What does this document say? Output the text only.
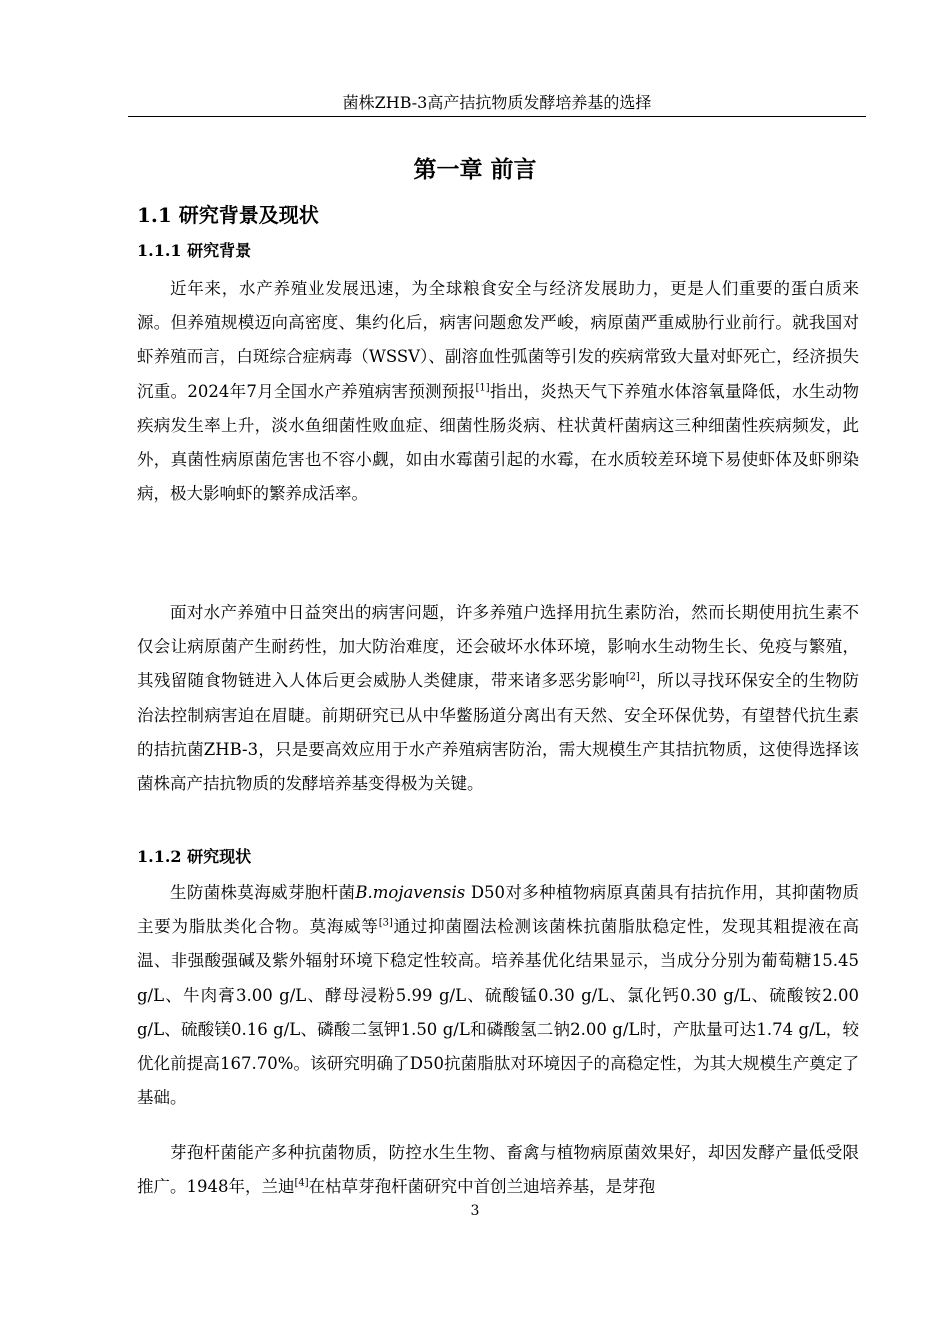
菌株ZHB-3高产拮抗物质发酵培养基的选择
第一章 前言
1.1 研究背景及现状
1.1.1 研究背景

近年来，水产养殖业发展迅速，为全球粮食安全与经济发展助力，更是人们重要的蛋白质来源。但养殖规模迈向高密度、集约化后，病害问题愈发严峻，病原菌严重威胁行业前行。就我国对虾养殖而言，白斑综合症病毒（WSSV）、副溶血性弧菌等引发的疾病常致大量对虾死亡，经济损失沉重。2024年7月全国水产养殖病害预测预报[1]指出，炎热天气下养殖水体溶氧量降低，水生动物疾病发生率上升，淡水鱼细菌性败血症、细菌性肠炎病、柱状黄杆菌病这三种细菌性疾病频发，此外，真菌性病原菌危害也不容小觑，如由水霉菌引起的水霉，在水质较差环境下易使虾体及虾卵染病，极大影响虾的繁养成活率。

面对水产养殖中日益突出的病害问题，许多养殖户选择用抗生素防治，然而长期使用抗生素不仅会让病原菌产生耐药性，加大防治难度，还会破坏水体环境，影响水生动物生长、免疫与繁殖，其残留随食物链进入人体后更会威胁人类健康，带来诸多恶劣影响[2]，所以寻找环保安全的生物防治法控制病害迫在眉睫。前期研究已从中华鳖肠道分离出有天然、安全环保优势，有望替代抗生素的拮抗菌ZHB-3，只是要高效应用于水产养殖病害防治，需大规模生产其拮抗物质，这使得选择该菌株高产拮抗物质的发酵培养基变得极为关键。

1.1.2 研究现状

生防菌株莫海威芽胞杆菌B.mojavensis D50对多种植物病原真菌具有拮抗作用，其抑菌物质主要为脂肽类化合物。莫海威等[3]通过抑菌圈法检测该菌株抗菌脂肽稳定性，发现其粗提液在高温、非强酸强碱及紫外辐射环境下稳定性较高。培养基优化结果显示，当成分分别为葡萄糖15.45 g/L、牛肉膏3.00 g/L、酵母浸粉5.99 g/L、硫酸锰0.30 g/L、氯化钙0.30 g/L、硫酸铵2.00 g/L、硫酸镁0.16 g/L、磷酸二氢钾1.50 g/L和磷酸氢二钠2.00 g/L时，产肽量可达1.74 g/L，较优化前提高167.70%。该研究明确了D50抗菌脂肽对环境因子的高稳定性，为其大规模生产奠定了基础。

芽孢杆菌能产多种抗菌物质，防控水生生物、畜禽与植物病原菌效果好，却因发酵产量低受限推广。1948年，兰迪[4]在枯草芽孢杆菌研究中首创兰迪培养基，是芽孢

3
